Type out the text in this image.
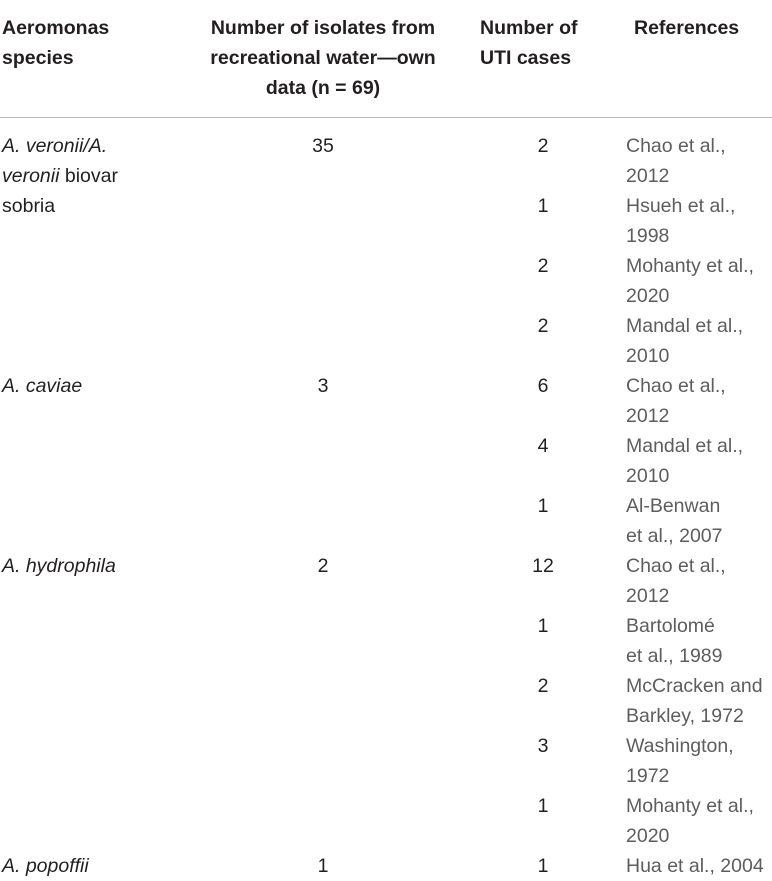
Aeromonas
species	Number of isolates from
recreational water—own
data (n = 69)	Number of
UTI cases	References
A. veronii/A.
veronii biovar
sobria	35	2	Chao et al.,
2012
		1	Hsueh et al.,
1998
		2	Mohanty et al.,
2020
		2	Mandal et al.,
2010
A. caviae	3	6	Chao et al.,
2012
		4	Mandal et al.,
2010
		1	Al-Benwan
et al., 2007
A. hydrophila	2	12	Chao et al.,
2012
		1	Bartolomé
et al., 1989
		2	McCracken and
Barkley, 1972
		3	Washington,
1972
		1	Mohanty et al.,
2020
A. popoffii	1	1	Hua et al., 2004
